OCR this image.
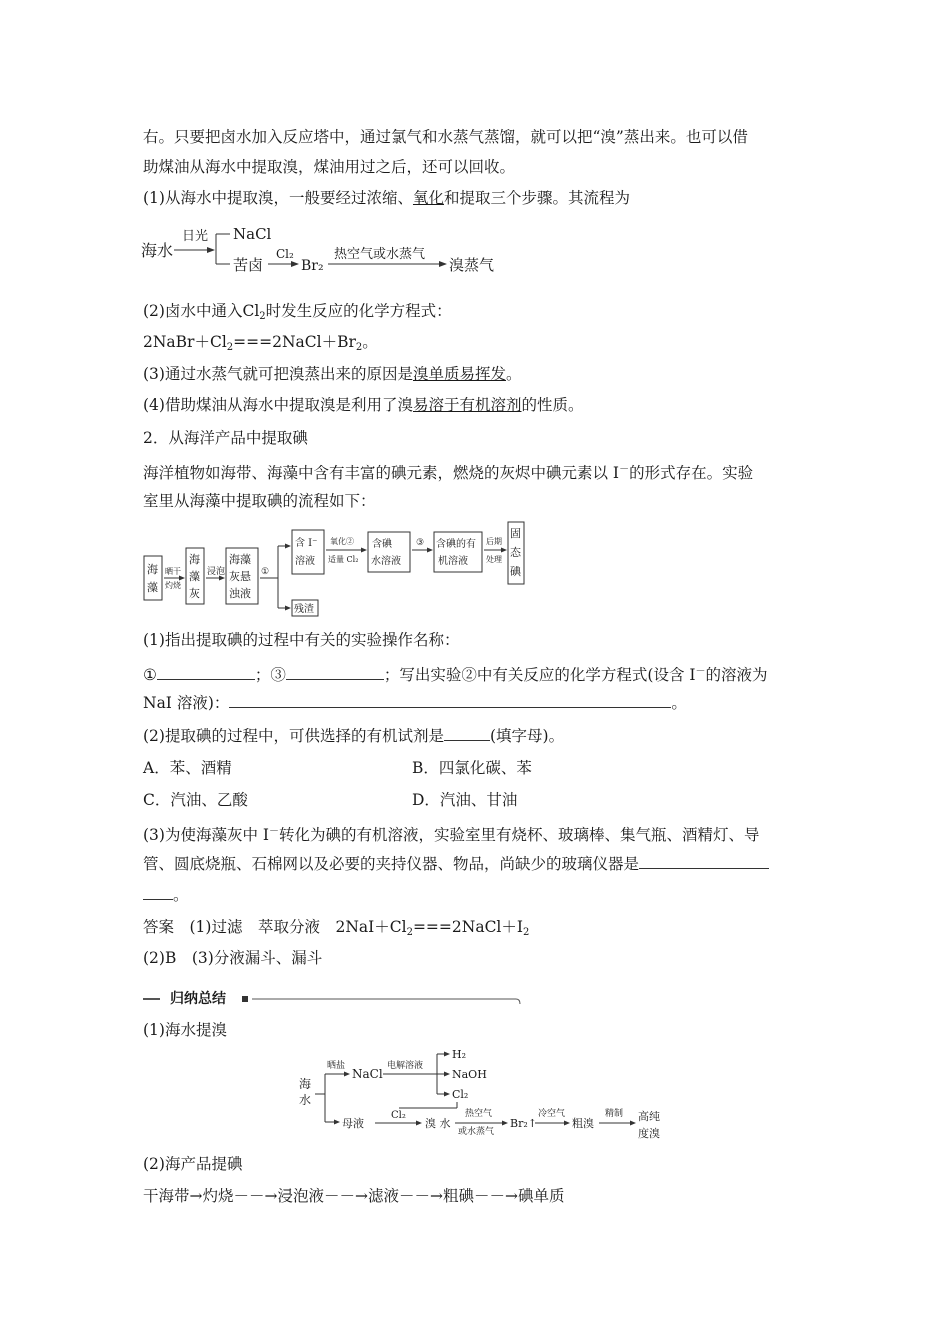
右。只要把卤水加入反应塔中，通过氯气和水蒸气蒸馏，就可以把“溴”蒸出来。也可以借
助煤油从海水中提取溴，煤油用过之后，还可以回收。
(1)从海水中提取溴，一般要经过浓缩、氧化和提取三个步骤。其流程为
海水
日光 NaCl
苦卤
Cl₂
Br₂
热空气或水蒸气
溴蒸气
(2)卤水中通入$Cl_2$时发生反应的化学方程式：
$2NaBr+Cl_2===2NaCl+Br_2$。
(3)通过水蒸气就可把溴蒸出来的原因是溴单质易挥发。
(4)借助煤油从海水中提取溴是利用了溴易溶于有机溶剂的性质。
2．从海洋产品中提取碘
海洋植物如海带、海藻中含有丰富的碘元素，燃烧的灰烬中碘元素以 I－的形式存在。实验
室里从海藻中提取碘的流程如下：
海
藻
晒干
灼烧
海
藻
灰
浸泡
海藻
灰悬
浊液
①
含 I⁻
溶液
残渣
氧化②
适量 Cl₂
含碘
水溶液
③ 含碘的有
机溶液
后期
处理
固
态
碘
(1)指出提取碘的过程中有关的实验操作名称：
①	；③	；写出实验②中有关反应的化学方程式(设含 I－的溶液为
NaI 溶液)：	。
(2)提取碘的过程中，可供选择的有机试剂是	(填字母)。
A．苯、酒精	B．四氯化碳、苯
C．汽油、乙酸	D．汽油、甘油
(3)为使海藻灰中 I－转化为碘的有机溶液，实验室里有烧杯、玻璃棒、集气瓶、酒精灯、导
管、圆底烧瓶、石棉网以及必要的夹持仪器、物品，尚缺少的玻璃仪器是
。
答案　(1)过滤　萃取分液　$2NaI+Cl_2===2NaCl+I_2$
(2)B　(3)分液漏斗、漏斗
归纳总结
(1)海水提溴
海
水
晒盐
NaCl
电解溶液
H₂
NaOH
Cl₂
母液
Cl₂
溴 水
热空气
或水蒸气
Br₂↑
冷空气
粗溴
精制 高纯
度溴
(2)海产品提碘
干海带→灼烧－－→浸泡液－－→滤液－－→粗碘－－→碘单质
